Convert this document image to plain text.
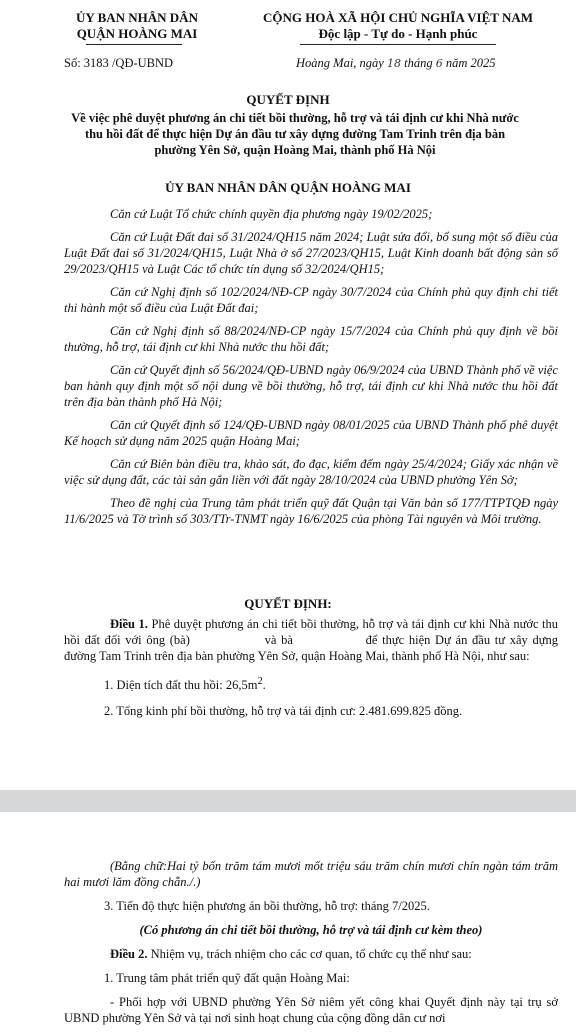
ỦY BAN NHÂN DÂN
QUẬN HOÀNG MAI
CỘNG HOÀ XÃ HỘI CHỦ NGHĨA VIỆT NAM
Độc lập - Tự do - Hạnh phúc
Số: 3183 /QĐ-UBND	Hoàng Mai, ngày 18 tháng 6 năm 2025
QUYẾT ĐỊNH
Về việc phê duyệt phương án chi tiết bồi thường, hỗ trợ và tái định cư khi Nhà nước thu hồi đất để thực hiện Dự án đầu tư xây dựng đường Tam Trinh trên địa bàn phường Yên Sở, quận Hoàng Mai, thành phố Hà Nội
ỦY BAN NHÂN DÂN QUẬN HOÀNG MAI

Căn cứ Luật Tổ chức chính quyền địa phương ngày 19/02/2025;

Căn cứ Luật Đất đai số 31/2024/QH15 năm 2024; Luật sửa đổi, bổ sung một số điều của Luật Đất đai số 31/2024/QH15, Luật Nhà ở số 27/2023/QH15, Luật Kinh doanh bất động sản số 29/2023/QH15 và Luật Các tổ chức tín dụng số 32/2024/QH15;

Căn cứ Nghị định số 102/2024/NĐ-CP ngày 30/7/2024 của Chính phủ quy định chi tiết thi hành một số điều của Luật Đất đai;

Căn cứ Nghị định số 88/2024/NĐ-CP ngày 15/7/2024 của Chính phủ quy định về bồi thường, hỗ trợ, tái định cư khi Nhà nước thu hồi đất;

Căn cứ Quyết định số 56/2024/QĐ-UBND ngày 06/9/2024 của UBND Thành phố về việc ban hành quy định một số nội dung về bồi thường, hỗ trợ, tái định cư khi Nhà nước thu hồi đất trên địa bàn thành phố Hà Nội;

Căn cứ Quyết định số 124/QĐ-UBND ngày 08/01/2025 của UBND Thành phố phê duyệt Kế hoạch sử dụng năm 2025 quận Hoàng Mai;

Căn cứ Biên bản điều tra, khảo sát, đo đạc, kiểm đếm ngày 25/4/2024; Giấy xác nhận về việc sử dụng đất, các tài sản gắn liền với đất ngày 28/10/2024 của UBND phường Yên Sở;

Theo đề nghị của Trung tâm phát triển quỹ đất Quận tại Văn bản số 177/TTPTQĐ ngày 11/6/2025 và Tờ trình số 303/TTr-TNMT ngày 16/6/2025 của phòng Tài nguyên và Môi trường.

QUYẾT ĐỊNH:

Điều 1. Phê duyệt phương án chi tiết bồi thường, hỗ trợ và tái định cư khi Nhà nước thu hồi đất đối với ông (bà)	và bà	để thực hiện Dự án đầu tư xây dựng đường Tam Trinh trên địa bàn phường Yên Sở, quận Hoàng Mai, thành phố Hà Nội, như sau:

1. Diện tích đất thu hồi: $26,5m^2$.

2. Tổng kinh phí bồi thường, hỗ trợ và tái định cư: 2.481.699.825 đồng.

(Bằng chữ:Hai tỷ bốn trăm tám mươi mốt triệu sáu trăm chín mươi chín ngàn tám trăm hai mươi lăm đồng chẵn./.)

3. Tiến độ thực hiện phương án bồi thường, hỗ trợ: tháng 7/2025.

(Có phương án chi tiết bồi thường, hỗ trợ và tái định cư kèm theo)

Điều 2. Nhiệm vụ, trách nhiệm cho các cơ quan, tổ chức cụ thể như sau:

1. Trung tâm phát triển quỹ đất quận Hoàng Mai:

- Phối hợp với UBND phường Yên Sở niêm yết công khai Quyết định này tại trụ sở UBND phường Yên Sở và tại nơi sinh hoạt chung của cộng đồng dân cư nơi
